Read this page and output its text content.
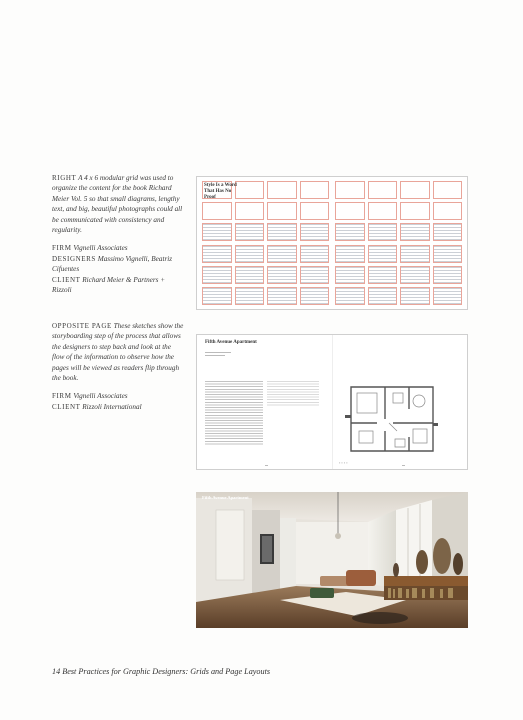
RIGHT A 4 x 6 modular grid was used to organize the content for the book Richard Meier Vol. 5 so that small diagrams, lengthy text, and big, beautiful photographs could all be communicated with consistency and regularity.
FIRM Vignelli Associates
DESIGNERS Massimo Vignelli, Beatriz Cifuentes
CLIENT Richard Meier & Partners + Rizzoli
OPPOSITE PAGE These sketches show the storyboarding step of the process that allows the designers to step back and look at the flow of the information to observe how the pages will be viewed as readers flip through the book.
FIRM Vignelli Associates
CLIENT Rizzoli International
Style Is a Word That Has No Proof
Fifth Avenue Apartment
▪ ▪ ▪ ▪
Fifth Avenue Apartment
14 Best Practices for Graphic Designers: Grids and Page Layouts
